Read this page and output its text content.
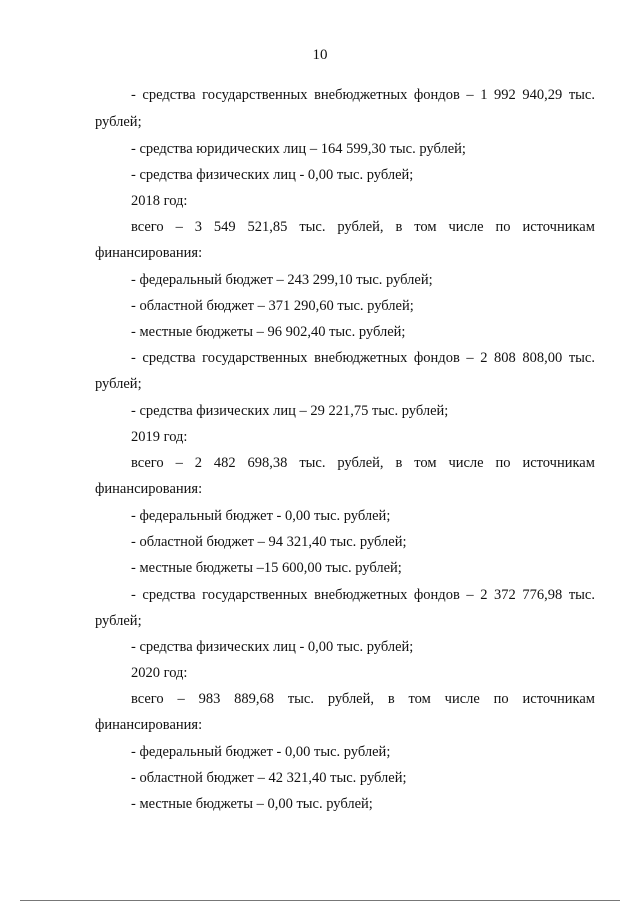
10
- средства государственных внебюджетных фондов – 1 992 940,29 тыс.
рублей;
- средства юридических лиц – 164 599,30 тыс. рублей;
- средства физических лиц - 0,00 тыс. рублей;
2018 год:
всего – 3 549 521,85 тыс. рублей, в том числе по источникам
финансирования:
- федеральный бюджет – 243 299,10 тыс. рублей;
- областной бюджет – 371 290,60 тыс. рублей;
- местные бюджеты – 96 902,40 тыс. рублей;
- средства государственных внебюджетных фондов – 2 808 808,00 тыс.
рублей;
- средства физических лиц – 29 221,75 тыс. рублей;
2019 год:
всего – 2 482 698,38 тыс. рублей, в том числе по источникам
финансирования:
- федеральный бюджет - 0,00 тыс. рублей;
- областной бюджет – 94 321,40 тыс. рублей;
- местные бюджеты –15 600,00 тыс. рублей;
- средства государственных внебюджетных фондов – 2 372 776,98 тыс.
рублей;
- средства физических лиц - 0,00 тыс. рублей;
2020 год:
всего – 983 889,68 тыс. рублей, в том числе по источникам
финансирования:
- федеральный бюджет - 0,00 тыс. рублей;
- областной бюджет – 42 321,40 тыс. рублей;
- местные бюджеты – 0,00 тыс. рублей;
